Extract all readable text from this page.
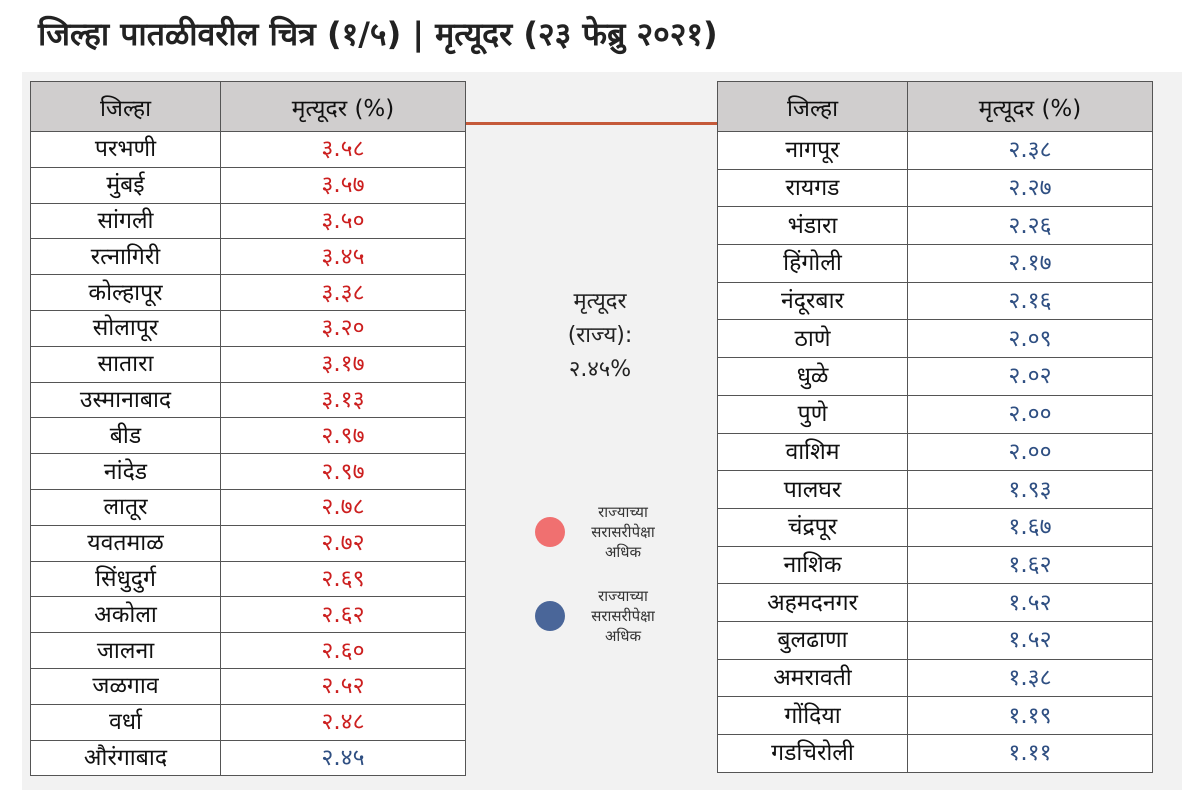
जिल्हा पातळीवरील चित्र (१/५) | मृत्यूदर (२३ फेब्रु २०२१)
जिल्हा	मृत्यूदर (%)
परभणी	३.५८
मुंबई	३.५७
सांगली	३.५०
रत्नागिरी	३.४५
कोल्हापूर	३.३८
सोलापूर	३.२०
सातारा	३.१७
उस्मानाबाद	३.१३
बीड	२.९७
नांदेड	२.९७
लातूर	२.७८
यवतमाळ	२.७२
सिंधुदुर्ग	२.६९
अकोला	२.६२
जालना	२.६०
जळगाव	२.५२
वर्धा	२.४८
औरंगाबाद	२.४५
जिल्हा	मृत्यूदर (%)
नागपूर	२.३८
रायगड	२.२७
भंडारा	२.२६
हिंगोली	२.१७
नंदूरबार	२.१६
ठाणे	२.०९
धुळे	२.०२
पुणे	२.००
वाशिम	२.००
पालघर	१.९३
चंद्रपूर	१.६७
नाशिक	१.६२
अहमदनगर	१.५२
बुलढाणा	१.५२
अमरावती	१.३८
गोंदिया	१.१९
गडचिरोली	१.११
मृत्यूदर
(राज्य):
२.४५%
राज्याच्या
सरासरीपेक्षा
अधिक
राज्याच्या
सरासरीपेक्षा
अधिक
